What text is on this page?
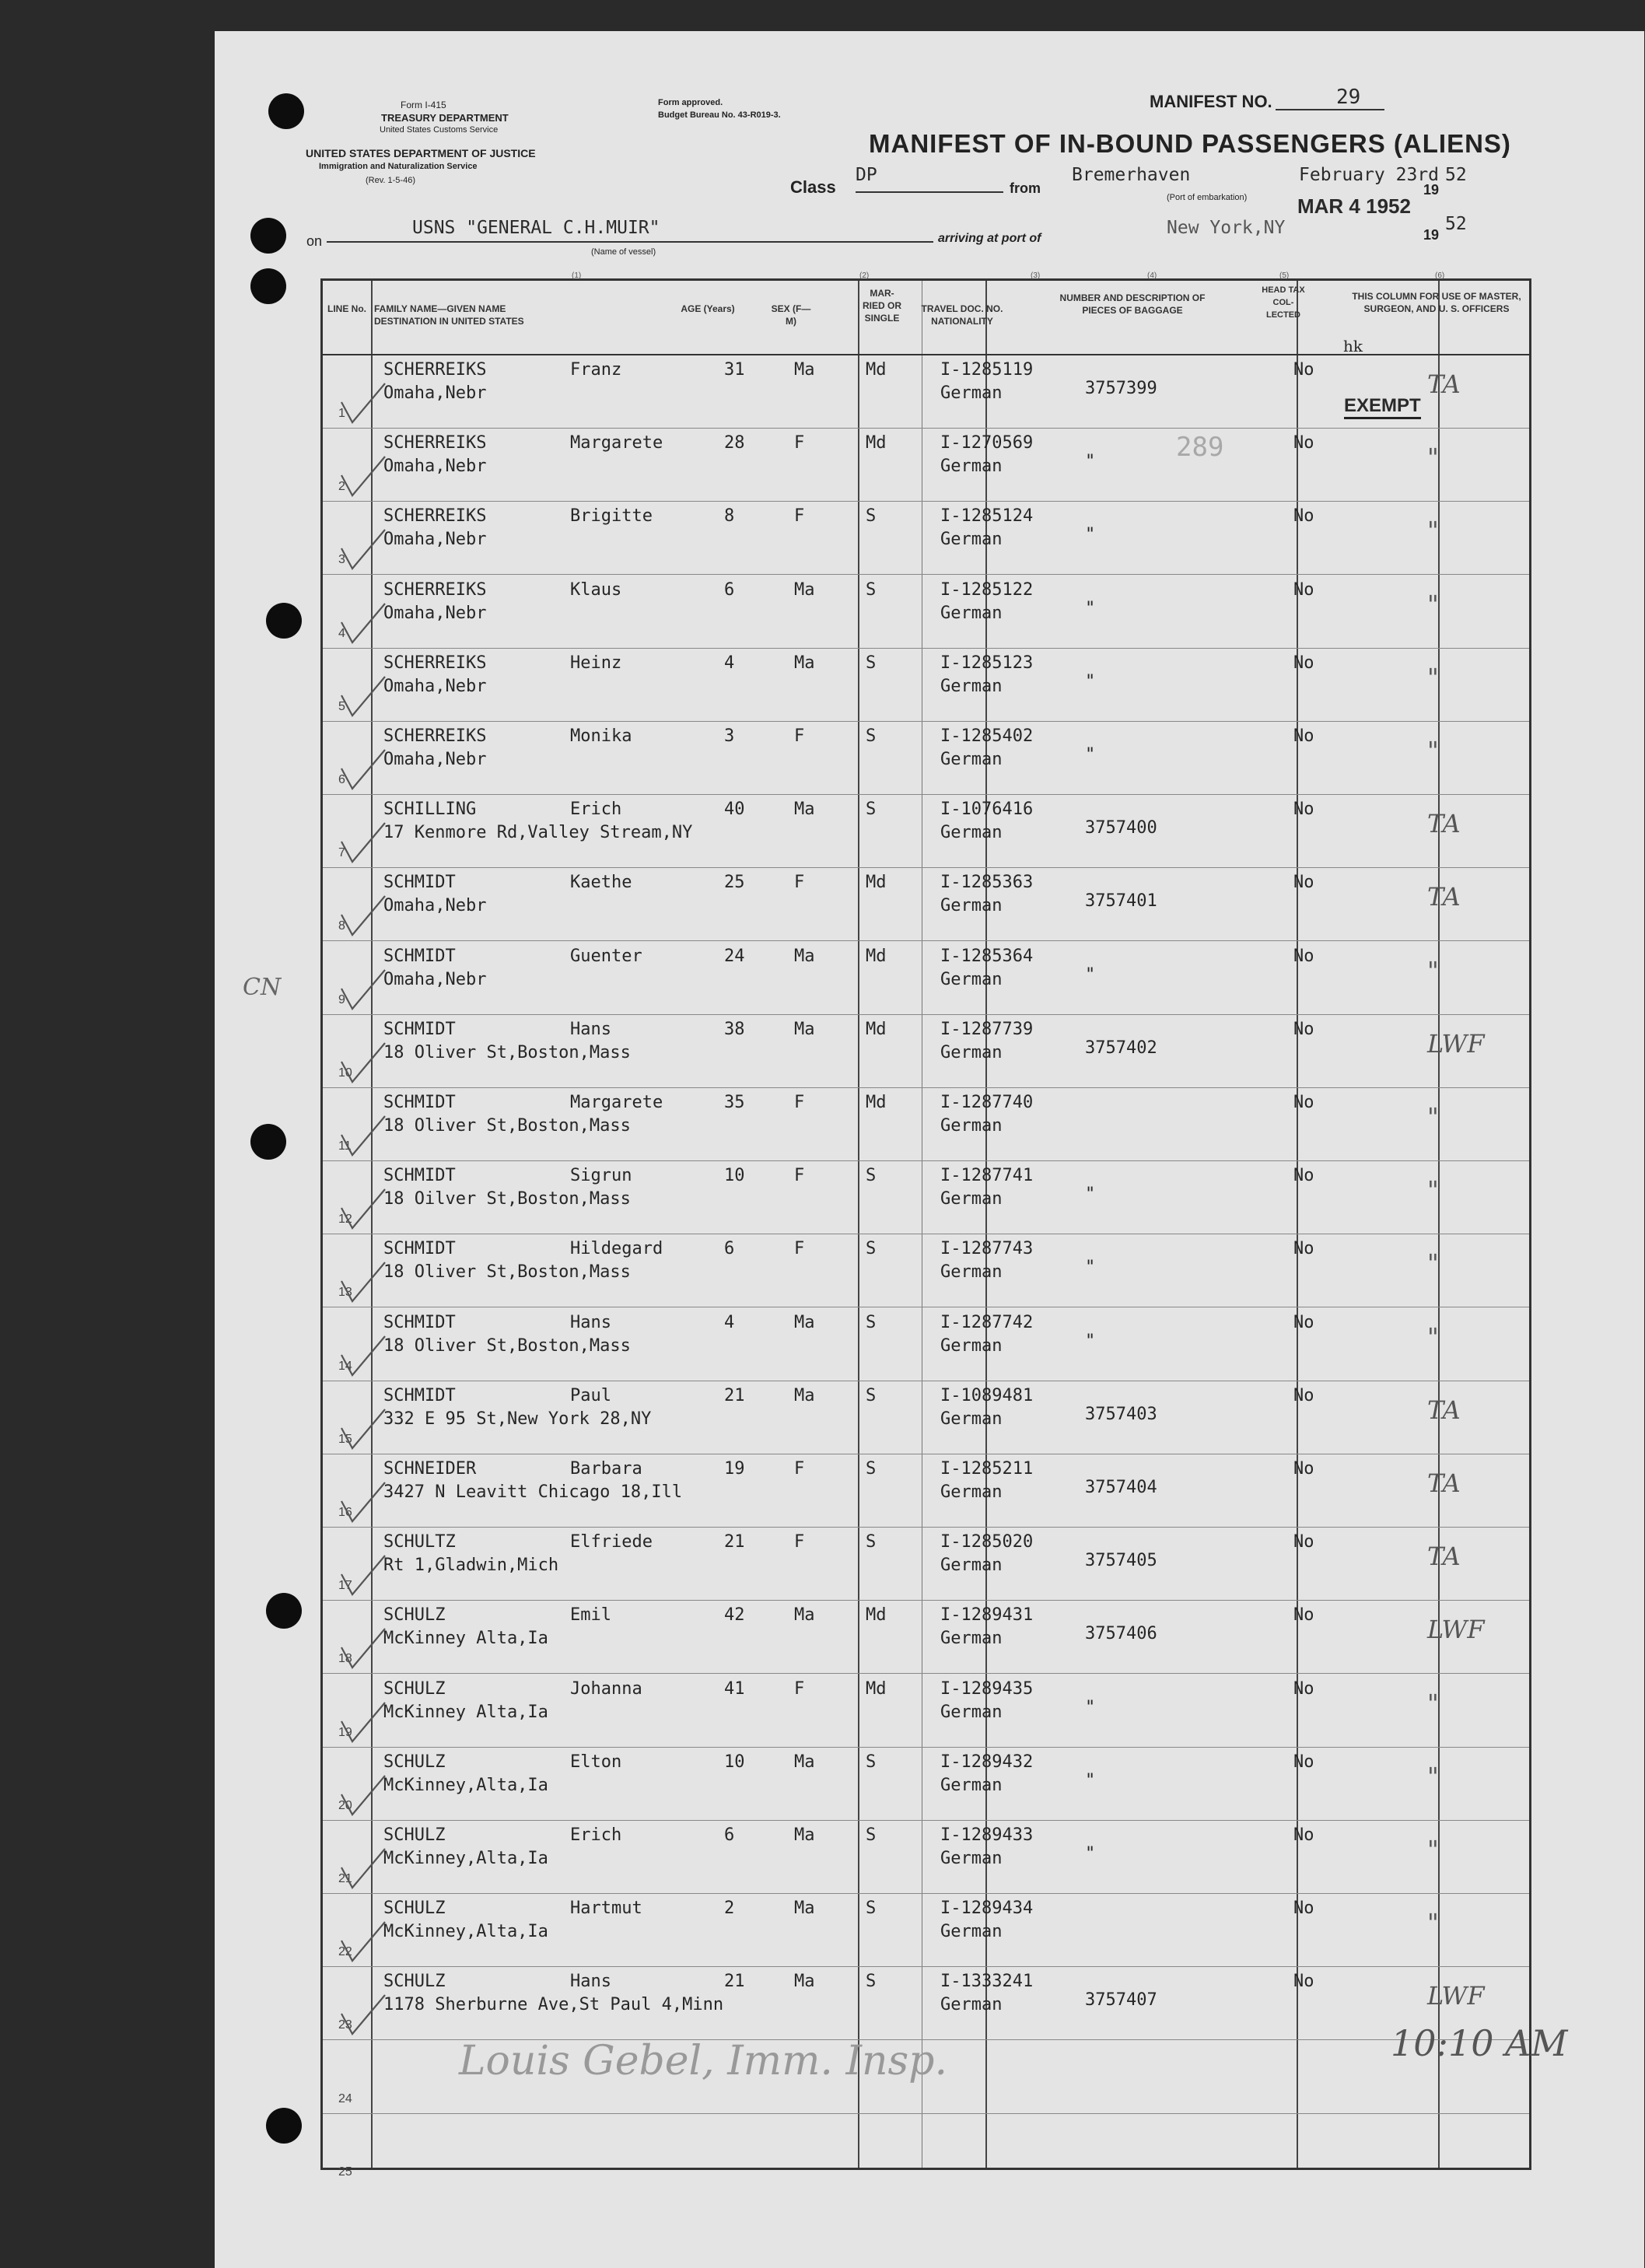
Form I-415
TREASURY DEPARTMENT
United States Customs Service
UNITED STATES DEPARTMENT OF JUSTICE
Immigration and Naturalization Service
(Rev. 1-5-46)
Form approved.
Budget Bureau No. 43-R019-3.
MANIFEST NO.	29
MANIFEST OF IN-BOUND PASSENGERS (ALIENS)
Class
DP
from
Bremerhaven
(Port of embarkation)
February 23rd
19
52
on
USNS "GENERAL C.H.MUIR"
(Name of vessel)
arriving at port of
New York,NY
MAR 4 1952
19
52
(1)	(2)	(3)	(4)	(5)	(6)
LINE No. FAMILY NAME—GIVEN NAME DESTINATION IN UNITED STATES
AGE (Years)	SEX (F—M)
MAR- RIED OR SINGLE
TRAVEL DOC. NO. NATIONALITY
NUMBER AND DESCRIPTION OF PIECES OF BAGGAGE
HEAD TAX COL- LECTED
THIS COLUMN FOR USE OF MASTER, SURGEON, AND U. S. OFFICERS
hk
1
SCHERREIKS	Franz
Omaha,Nebr
31	Ma	Md	I-1285119
German	3757399
No	TA
2
SCHERREIKS	Margarete
Omaha,Nebr
28	F	Md	I-1270569
German	"
No	"
3
SCHERREIKS	Brigitte
Omaha,Nebr
8	F	S	I-1285124
German	"
No	"
4
SCHERREIKS	Klaus
Omaha,Nebr
6	Ma	S	I-1285122
German	"
No	"
5
SCHERREIKS	Heinz
Omaha,Nebr
4	Ma	S	I-1285123
German	"
No	"
6
SCHERREIKS	Monika
Omaha,Nebr
3	F	S	I-1285402
German	"
No	"
7
SCHILLING	Erich
17 Kenmore Rd,Valley Stream,NY
40	Ma	S	I-1076416
German	3757400
No	TA
8
SCHMIDT	Kaethe
Omaha,Nebr
25	F	Md	I-1285363
German	3757401
No	TA
9
SCHMIDT	Guenter
Omaha,Nebr
24	Ma	Md	I-1285364
German	"
No	"
10
SCHMIDT	Hans
18 Oliver St,Boston,Mass
38	Ma	Md	I-1287739
German	3757402
No	LWF
11
SCHMIDT	Margarete
18 Oliver St,Boston,Mass
35	F	Md	I-1287740
German
No	"
12
SCHMIDT	Sigrun
18 Oilver St,Boston,Mass
10	F	S	I-1287741
German	"
No	"
13
SCHMIDT	Hildegard
18 Oliver St,Boston,Mass
6	F	S	I-1287743
German	"
No	"
14
SCHMIDT	Hans
18 Oliver St,Boston,Mass
4	Ma	S	I-1287742
German	"
No	"
15
SCHMIDT	Paul
332 E 95 St,New York 28,NY
21	Ma	S	I-1089481
German	3757403
No	TA
16
SCHNEIDER	Barbara
3427 N Leavitt Chicago 18,Ill
19	F	S	I-1285211
German	3757404
No	TA
17
SCHULTZ	Elfriede
Rt 1,Gladwin,Mich
21	F	S	I-1285020
German	3757405
No	TA
18
SCHULZ	Emil
McKinney Alta,Ia
42	Ma	Md	I-1289431
German	3757406
No	LWF
19
SCHULZ	Johanna
McKinney Alta,Ia
41	F	Md	I-1289435
German	"
No	"
20
SCHULZ	Elton
McKinney,Alta,Ia
10	Ma	S	I-1289432
German	"
No	"
21
SCHULZ	Erich
McKinney,Alta,Ia
6	Ma	S	I-1289433
German	"
No	"
22
SCHULZ	Hartmut
McKinney,Alta,Ia
2	Ma	S	I-1289434
German
No	"
23
SCHULZ	Hans
1178 Sherburne Ave,St Paul 4,Minn
21	Ma	S	I-1333241
German	3757407
No	LWF
24
25
EXEMPT
289
CN
Louis Gebel, Imm. Insp.	10:10 AM
